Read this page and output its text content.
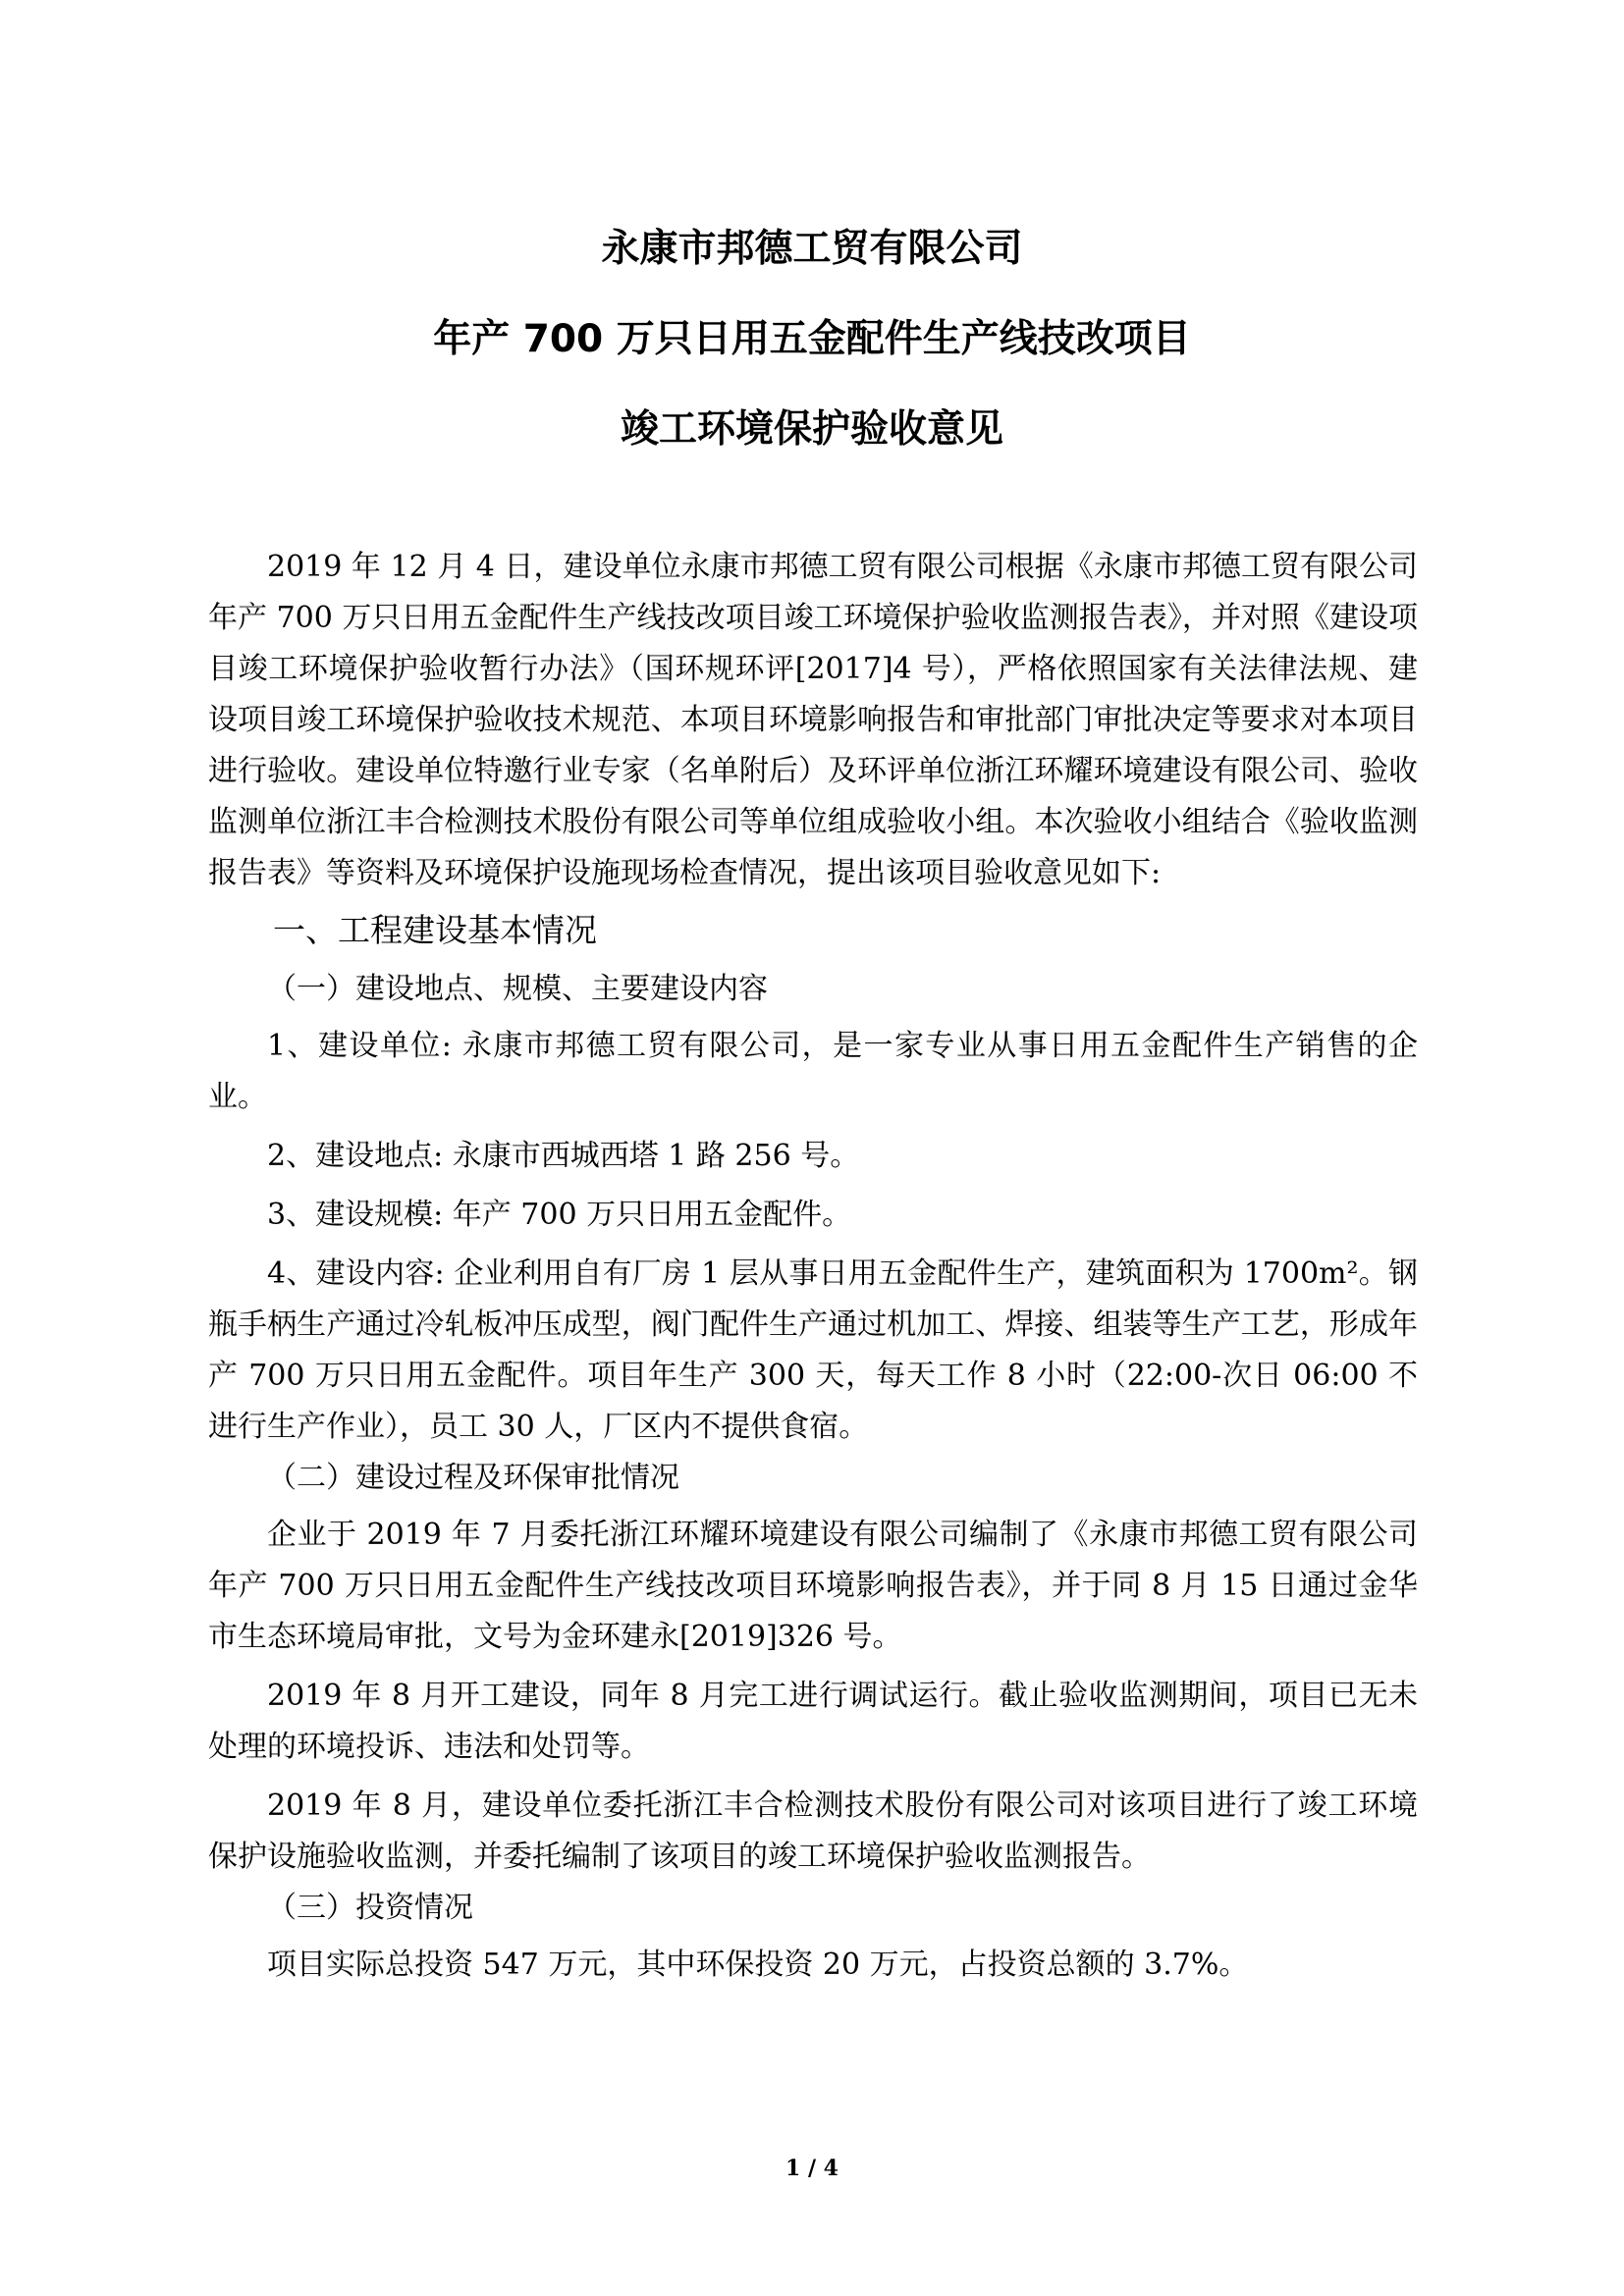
永康市邦德工贸有限公司
年产 700 万只日用五金配件生产线技改项目
竣工环境保护验收意见

2019 年 12 月 4 日，建设单位永康市邦德工贸有限公司根据《永康市邦德工贸有限公司年产 700 万只日用五金配件生产线技改项目竣工环境保护验收监测报告表》，并对照《建设项目竣工环境保护验收暂行办法》（国环规环评[2017]4 号），严格依照国家有关法律法规、建设项目竣工环境保护验收技术规范、本项目环境影响报告和审批部门审批决定等要求对本项目进行验收。建设单位特邀行业专家（名单附后）及环评单位浙江环耀环境建设有限公司、验收监测单位浙江丰合检测技术股份有限公司等单位组成验收小组。本次验收小组结合《验收监测报告表》等资料及环境保护设施现场检查情况，提出该项目验收意见如下:

一、工程建设基本情况

（一）建设地点、规模、主要建设内容

1、建设单位: 永康市邦德工贸有限公司，是一家专业从事日用五金配件生产销售的企业。

2、建设地点: 永康市西城西塔 1 路 256 号。

3、建设规模: 年产 700 万只日用五金配件。

4、建设内容: 企业利用自有厂房 1 层从事日用五金配件生产，建筑面积为 1700m²。钢瓶手柄生产通过冷轧板冲压成型，阀门配件生产通过机加工、焊接、组装等生产工艺，形成年产 700 万只日用五金配件。项目年生产 300 天，每天工作 8 小时（22:00-次日 06:00 不进行生产作业），员工 30 人，厂区内不提供食宿。

（二）建设过程及环保审批情况

企业于 2019 年 7 月委托浙江环耀环境建设有限公司编制了《永康市邦德工贸有限公司年产 700 万只日用五金配件生产线技改项目环境影响报告表》，并于同 8 月 15 日通过金华市生态环境局审批，文号为金环建永[2019]326 号。

2019 年 8 月开工建设，同年 8 月完工进行调试运行。截止验收监测期间，项目已无未处理的环境投诉、违法和处罚等。

2019 年 8 月，建设单位委托浙江丰合检测技术股份有限公司对该项目进行了竣工环境保护设施验收监测，并委托编制了该项目的竣工环境保护验收监测报告。

（三）投资情况

项目实际总投资 547 万元，其中环保投资 20 万元，占投资总额的 3.7%。

1 / 4
